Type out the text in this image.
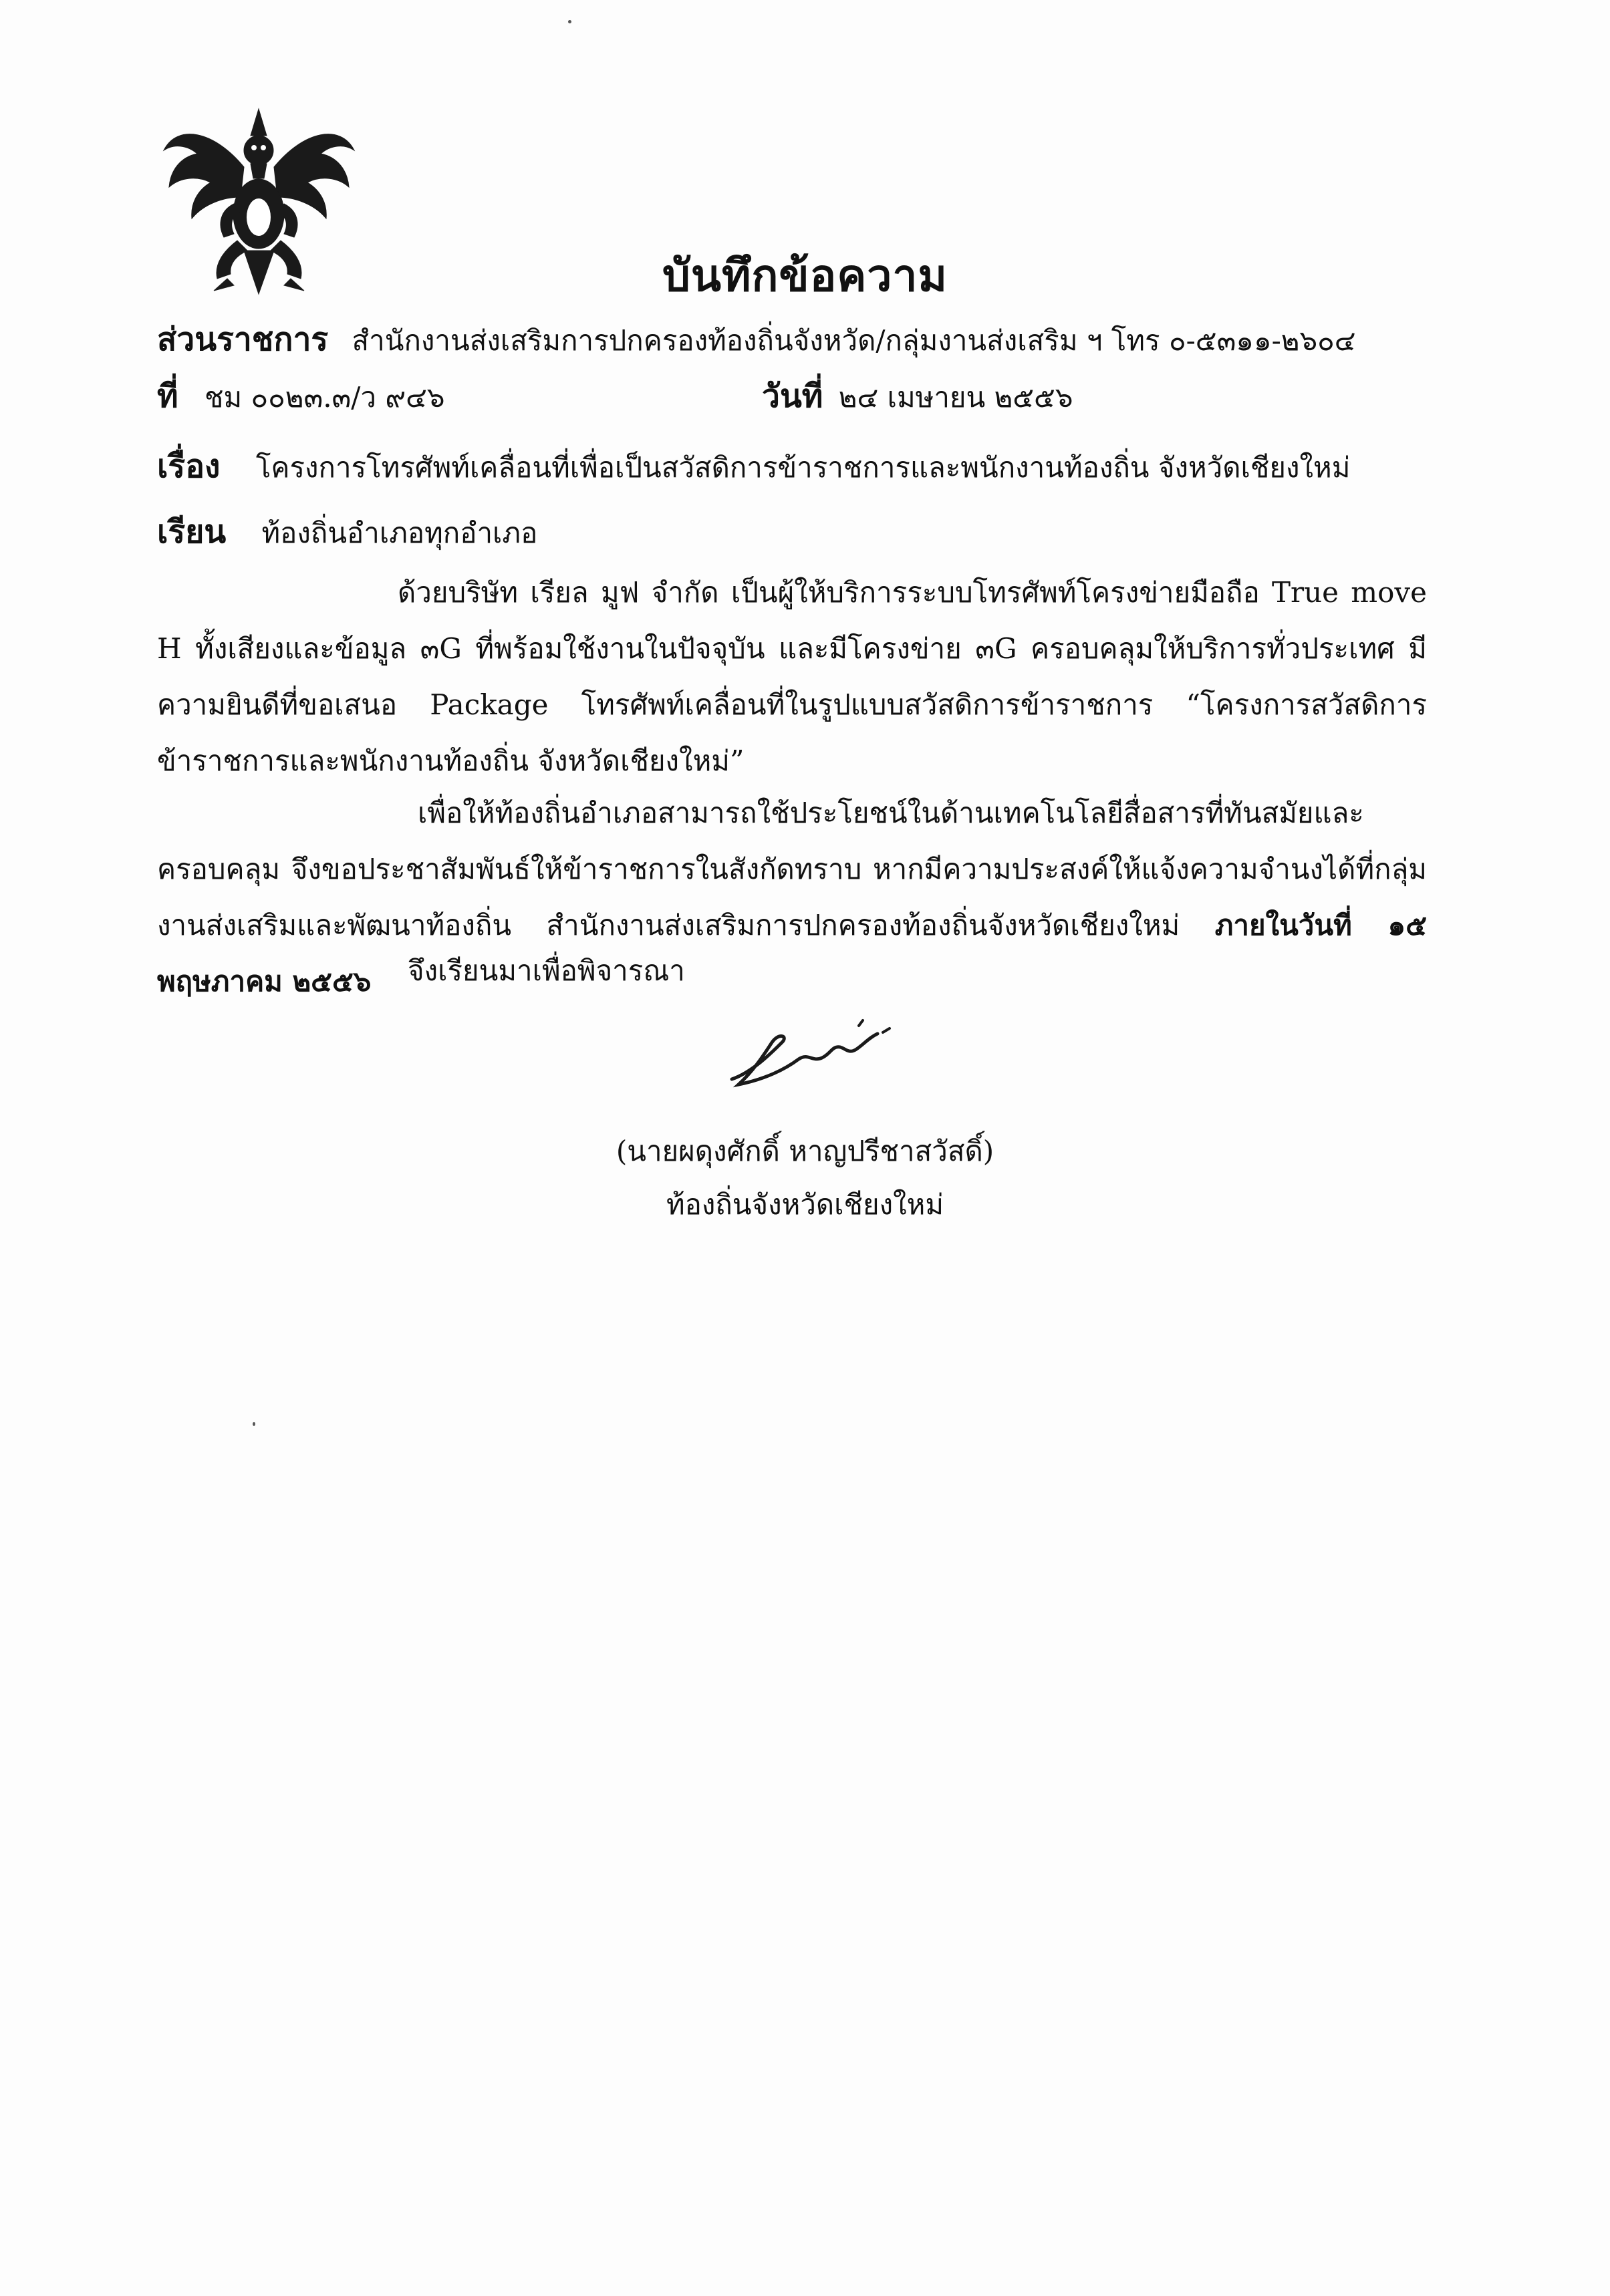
บันทึกข้อความ
ส่วนราชการ สำนักงานส่งเสริมการปกครองท้องถิ่นจังหวัด/กลุ่มงานส่งเสริม ฯ โทร ๐-๕๓๑๑-๒๖๐๔
ที่ ชม ๐๐๒๓.๓/ว ๙๔๖	วันที่ ๒๔ เมษายน ๒๕๕๖
เรื่อง โครงการโทรศัพท์เคลื่อนที่เพื่อเป็นสวัสดิการข้าราชการและพนักงานท้องถิ่น จังหวัดเชียงใหม่
เรียน ท้องถิ่นอำเภอทุกอำเภอ
ด้วยบริษัท เรียล มูฟ จำกัด เป็นผู้ให้บริการระบบโทรศัพท์โครงข่ายมือถือ True move H ทั้งเสียงและข้อมูล ๓G ที่พร้อมใช้งานในปัจจุบัน และมีโครงข่าย ๓G ครอบคลุมให้บริการทั่วประเทศ มีความยินดีที่ขอเสนอ Package โทรศัพท์เคลื่อนที่ในรูปแบบสวัสดิการข้าราชการ “โครงการสวัสดิการข้าราชการและพนักงานท้องถิ่น จังหวัดเชียงใหม่”
เพื่อให้ท้องถิ่นอำเภอสามารถใช้ประโยชน์ในด้านเทคโนโลยีสื่อสารที่ทันสมัยและครอบคลุม จึงขอประชาสัมพันธ์ให้ข้าราชการในสังกัดทราบ หากมีความประสงค์ให้แจ้งความจำนงได้ที่กลุ่มงานส่งเสริมและพัฒนาท้องถิ่น สำนักงานส่งเสริมการปกครองท้องถิ่นจังหวัดเชียงใหม่ ภายในวันที่ ๑๕ พฤษภาคม ๒๕๕๖	จึงเรียนมาเพื่อพิจารณา
(นายผดุงศักดิ์ หาญปรีชาสวัสดิ์)
ท้องถิ่นจังหวัดเชียงใหม่
